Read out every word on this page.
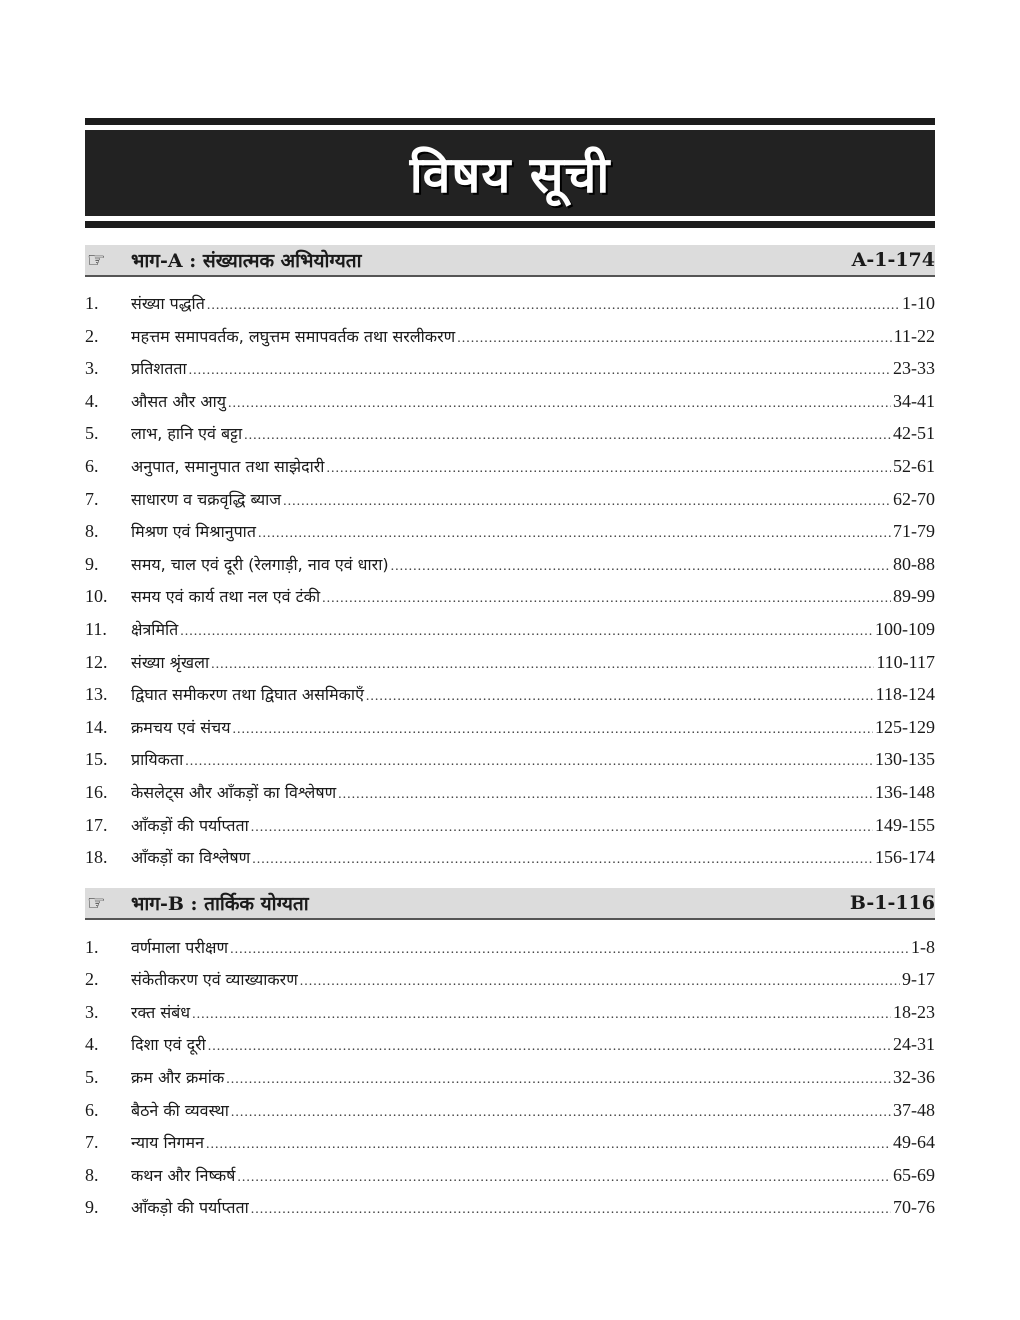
विषय सूची
☞	भाग-A : संख्यात्मक अभियोग्यता	A-1-174
1.	संख्या पद्धति .....	1-10
2.	महत्तम समापवर्तक, लघुत्तम समापवर्तक तथा सरलीकरण .....	11-22
3.	प्रतिशतता .....	23-33
4.	औसत और आयु .....	34-41
5.	लाभ, हानि एवं बट्टा .....	42-51
6.	अनुपात, समानुपात तथा साझेदारी .....	52-61
7.	साधारण व चक्रवृद्धि ब्याज .....	62-70
8.	मिश्रण एवं मिश्रानुपात .....	71-79
9.	समय, चाल एवं दूरी (रेलगाड़ी, नाव एवं धारा) .....	80-88
10.	समय एवं कार्य तथा नल एवं टंकी .....	89-99
11.	क्षेत्रमिति .....	100-109
12.	संख्या श्रृंखला .....	110-117
13.	द्विघात समीकरण तथा द्विघात असमिकाएँ .....	118-124
14.	क्रमचय एवं संचय .....	125-129
15.	प्रायिकता .....	130-135
16.	केसलेट्स और आँकड़ों का विश्लेषण .....	136-148
17.	आँकड़ों की पर्याप्तता .....	149-155
18.	आँकड़ों का विश्लेषण .....	156-174
☞	भाग-B : तार्किक योग्यता	B-1-116
1.	वर्णमाला परीक्षण .....	1-8
2.	संकेतीकरण एवं व्याख्याकरण .....	9-17
3.	रक्त संबंध .....	18-23
4.	दिशा एवं दूरी .....	24-31
5.	क्रम और क्रमांक .....	32-36
6.	बैठने की व्यवस्था .....	37-48
7.	न्याय निगमन .....	49-64
8.	कथन और निष्कर्ष .....	65-69
9.	आँकड़ो की पर्याप्तता .....	70-76
